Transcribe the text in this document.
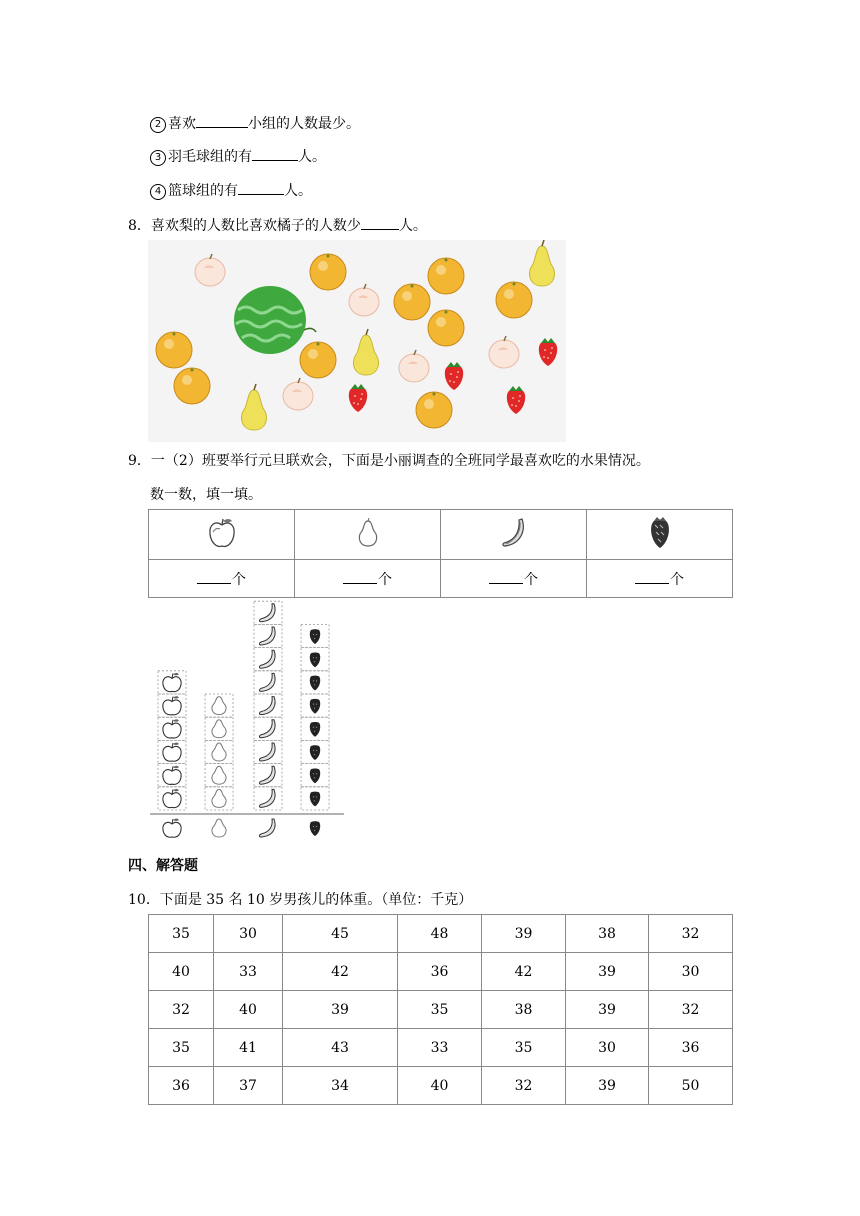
2 喜欢	小组的人数最少。
3 羽毛球组的有	人。
4 篮球组的有	人。
8．喜欢梨的人数比喜欢橘子的人数少	人。
9．一（2）班要举行元旦联欢会，下面是小丽调查的全班同学最喜欢吃的水果情况。
数一数，填一填。

个	个	个	个
四、解答题
10．下面是 35 名 10 岁男孩儿的体重。（单位：千克）
35	30	45	48	39	38	32
40	33	42	36	42	39	30
32	40	39	35	38	39	32
35	41	43	33	35	30	36
36	37	34	40	32	39	50
